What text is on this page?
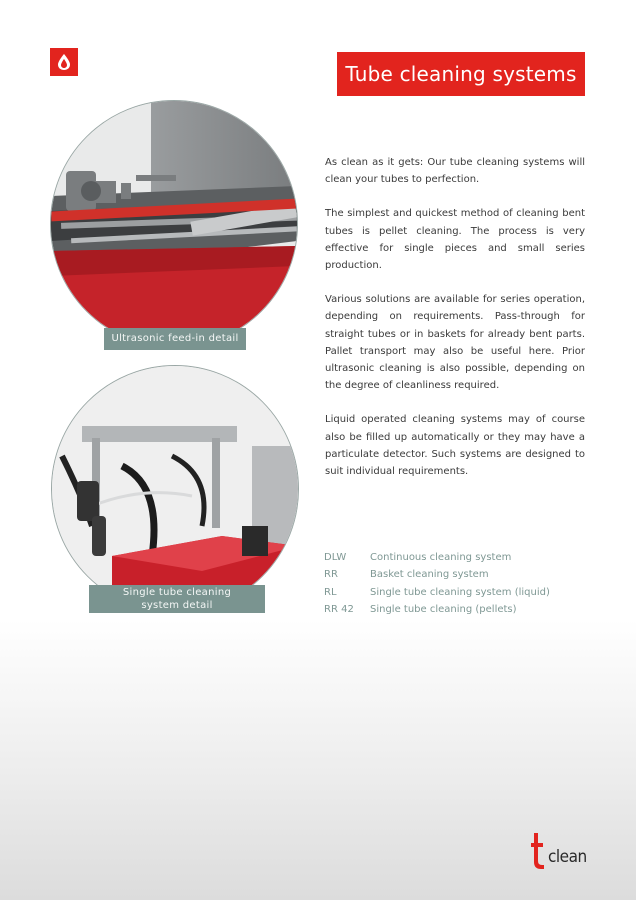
Tube cleaning systems
Ultrasonic feed-in detail
Single tube cleaning
system detail

As clean as it gets: Our tube cleaning systems will clean your tubes to perfection.

The simplest and quickest method of cleaning bent tubes is pellet cleaning. The process is very effective for single pieces and small series production.

Various solutions are available for series operation, depending on requirements. Pass-through for straight tubes or in baskets for already bent parts. Pallet transport may also be useful here. Prior ultrasonic cleaning is also possible, depending on the degree of cleanliness required.

Liquid operated cleaning systems may of course also be filled up automatically or they may have a particulate detector. Such systems are designed to suit individual requirements.

DLW	Continuous cleaning system
RR	Basket cleaning system
RL	Single tube cleaning system (liquid)
RR 42	Single tube cleaning (pellets)
clean
